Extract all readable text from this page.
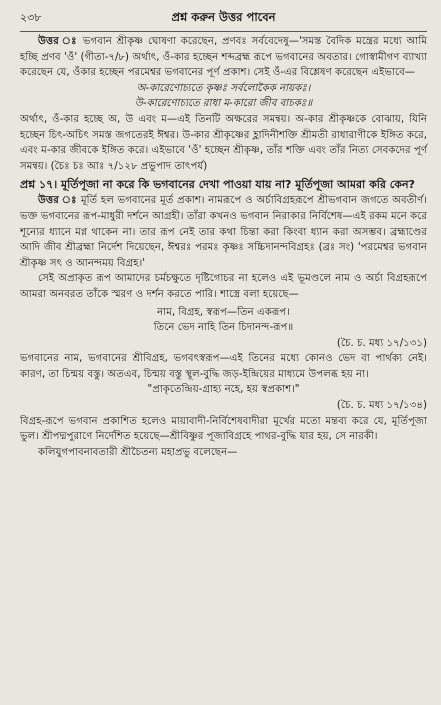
২৩৮	প্রশ্ন করুন উত্তর পাবেন

উত্তর ঃ ভগবান শ্রীকৃষ্ণ ঘোষণা করেছেন, প্রণবঃ সর্ববেদেষু—'সমস্ত বৈদিক মন্ত্রের মধ্যে আমি হচ্ছি প্রণব 'ওঁ' (গীতা-৭/৮) অর্থাৎ, ওঁ-কার হচ্ছেন শব্দব্রহ্ম রূপে ভগবানের অবতার। গোস্বামীগণ ব্যাখ্যা করেছেন যে, ওঁকার হচ্ছেন পরমেশ্বর ভগবানের পূর্ণ প্রকাশ। সেই ওঁ-এর বিশ্লেষণ করেছেন এইভাবে—

অ-কারেণোচ্যতে কৃষ্ণঃ সর্বলোকৈক নায়কঃ।

উ-কারেণোচ্যতে রাধা ম-কারো জীব বাচকঃ॥

অর্থাৎ, ওঁ-কার হচ্ছে অ, উ এবং ম—এই তিনটি অক্ষরের সমন্বয়। অ-কার শ্রীকৃষ্ণকে বোঝায়, যিনি হচ্ছেন চিৎ-অচিৎ সমস্ত জগতেরই ঈশ্বর। উ-কার শ্রীকৃষ্ণের হ্লাদিনীশক্তি শ্রীমতী রাধারাণীকে ইঙ্গিত করে, এবং ম-কার জীবকে ইঙ্গিত করে। এইভাবে 'ওঁ' হচ্ছেন শ্রীকৃষ্ণ, তাঁর শক্তি এবং তাঁর নিত্য সেবকদের পূর্ণ সমন্বয়। (চৈঃ চঃ আঃ ৭/১২৮ প্রভুপাদ তাৎপর্য)

প্রশ্ন ১৭। মূর্তিপূজা না করে কি ভগবানের দেখা পাওয়া যায় না? মূর্তিপূজা আমরা করি কেন?

উত্তর ঃ মূর্তি হল ভগবানের মূর্ত প্রকাশ। নামরূপে ও অর্চাবিগ্রহরূপে শ্রীভগবান জগতে অবতীর্ণ। ভক্ত ভগবানের রূপ-মাধুরী দর্শনে আগ্রহী। তাঁরা কখনও ভগবান নিরাকার নির্বিশেষ—এই রকম মনে করে শূন্যের ধ্যানে মগ্ন থাকেন না। তার রূপ নেই তার কথা চিন্তা করা কিংবা ধ্যান করা অসম্ভব। ব্রহ্মাণ্ডের আদি জীব শ্রীব্রহ্মা নির্দেশ দিয়েছেন, ঈশ্বরঃ পরমঃ কৃষ্ণঃ সচ্চিদানন্দবিগ্রহঃ (ব্রঃ সং) 'পরমেশ্বর ভগবান শ্রীকৃষ্ণ সৎ ও আনন্দময় বিগ্রহ।'

সেই অপ্রাকৃত রূপ আমাদের চর্মচক্ষুতে দৃষ্টিগোচর না হলেও এই ভূমণ্ডলে নাম ও অর্চা বিগ্রহরূপে আমরা অনবরত তাঁকে স্মরণ ও দর্শন করতে পারি। শাস্ত্রে বলা হয়েছে—

নাম, বিগ্রহ, স্বরূপ—তিন একরূপ।

তিনে ভেদ নাহি তিন চিদানন্দ-রূপ॥

(চৈ. চ. মধ্য ১৭/১৩১)

ভগবানের নাম, ভগবানের শ্রীবিগ্রহ, ভগবৎস্বরূপ—এই তিনের মধ্যে কোনও ভেদ বা পার্থক্য নেই। কারণ, তা চিন্ময় বস্তু। অতএব, চিন্ময় বস্তু স্থূল-বুদ্ধি জড়-ইন্দ্রিয়ের মাধ্যমে উপলব্ধ হয় না।

"প্রাকৃতেন্দ্রিয়-গ্রাহ্য নহে, হয় স্বপ্রকাশ।"

(চৈ. চ. মধ্য ১৭/১৩৪)

বিগ্রহ-রূপে ভগবান প্রকাশিত হলেও মায়াবাদী-নির্বিশেষবাদীরা মূর্খের মতো মন্তব্য করে যে, মূর্তিপূজা ভুল। শ্রীপদ্মপুরাণে নির্দেশিত হয়েছে—শ্রীবিষ্ণুর পূজাবিগ্রহে পাথর-বুদ্ধি যার হয়, সে নারকী।

কলিযুগপাবনাবতারী শ্রীচৈতন্য মহাপ্রভু বলেছেন—
